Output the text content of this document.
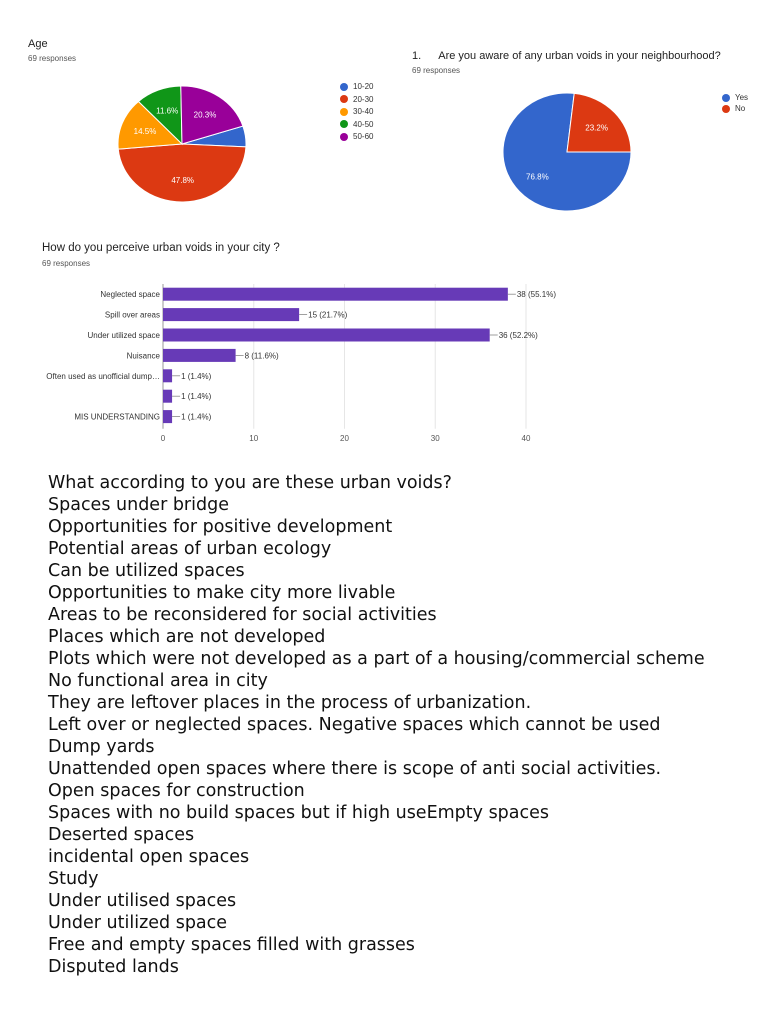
Age
69 responses
47.8%
14.5%
11.6% 20.3%
10-20
20-30
30-40
40-50
50-60
1. Are you aware of any urban voids in your neighbourhood?
69 responses
76.8%
23.2%
Yes
No
How do you perceive urban voids in your city ?
69 responses
0	10	20	30	40
Neglected space	38 (55.1%)
Spill over areas	15 (21.7%)
Under utilized space	36 (52.2%)
Nuisance	8 (11.6%)
Often used as unofficial dump…	1 (1.4%)
1 (1.4%)
MIS UNDERSTANDING	1 (1.4%)
What according to you are these urban voids?
Spaces under bridge
Opportunities for positive development
Potential areas of urban ecology
Can be utilized spaces
Opportunities to make city more livable
Areas to be reconsidered for social activities
Places which are not developed
Plots which were not developed as a part of a housing/commercial scheme
No functional area in city
They are leftover places in the process of urbanization.
Left over or neglected spaces. Negative spaces which cannot be used
Dump yards
Unattended open spaces where there is scope of anti social activities.
Open spaces for construction
Spaces with no build spaces but if high useEmpty spaces
Deserted spaces
incidental open spaces
Study
Under utilised spaces
Under utilized space
Free and empty spaces filled with grasses
Disputed lands
